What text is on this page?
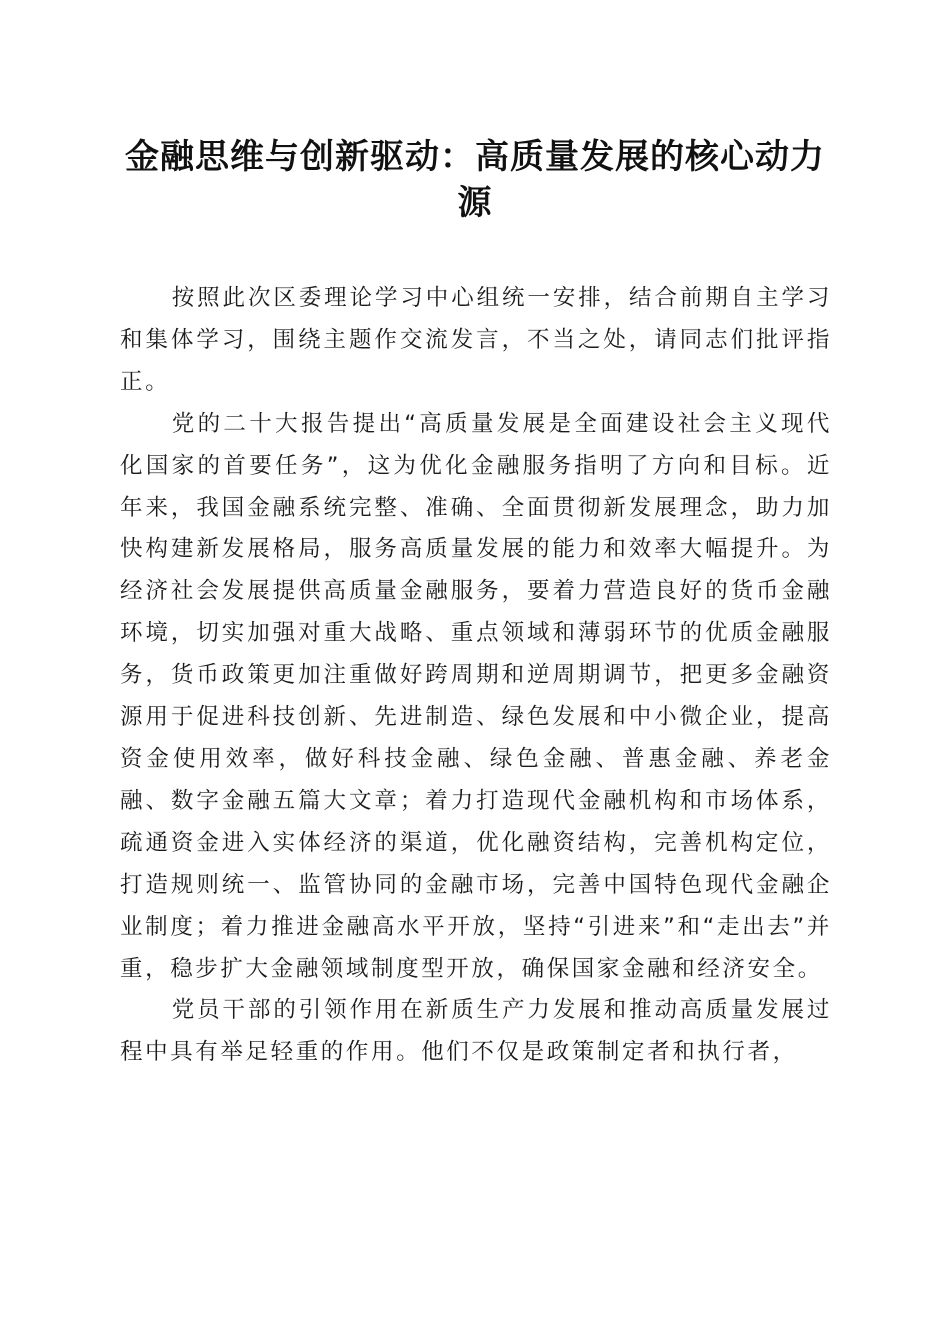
金融思维与创新驱动：高质量发展的核心动力源

按照此次区委理论学习中心组统一安排，结合前期自主学习和集体学习，围绕主题作交流发言，不当之处，请同志们批评指正。

党的二十大报告提出“高质量发展是全面建设社会主义现代化国家的首要任务”，这为优化金融服务指明了方向和目标。近年来，我国金融系统完整、准确、全面贯彻新发展理念，助力加快构建新发展格局，服务高质量发展的能力和效率大幅提升。为经济社会发展提供高质量金融服务，要着力营造良好的货币金融环境，切实加强对重大战略、重点领域和薄弱环节的优质金融服务，货币政策更加注重做好跨周期和逆周期调节，把更多金融资源用于促进科技创新、先进制造、绿色发展和中小微企业，提高资金使用效率，做好科技金融、绿色金融、普惠金融、养老金融、数字金融五篇大文章；着力打造现代金融机构和市场体系，疏通资金进入实体经济的渠道，优化融资结构，完善机构定位，打造规则统一、监管协同的金融市场，完善中国特色现代金融企业制度；着力推进金融高水平开放，坚持“引进来”和“走出去”并重，稳步扩大金融领域制度型开放，确保国家金融和经济安全。

党员干部的引领作用在新质生产力发展和推动高质量发展过程中具有举足轻重的作用。他们不仅是政策制定者和执行者，
